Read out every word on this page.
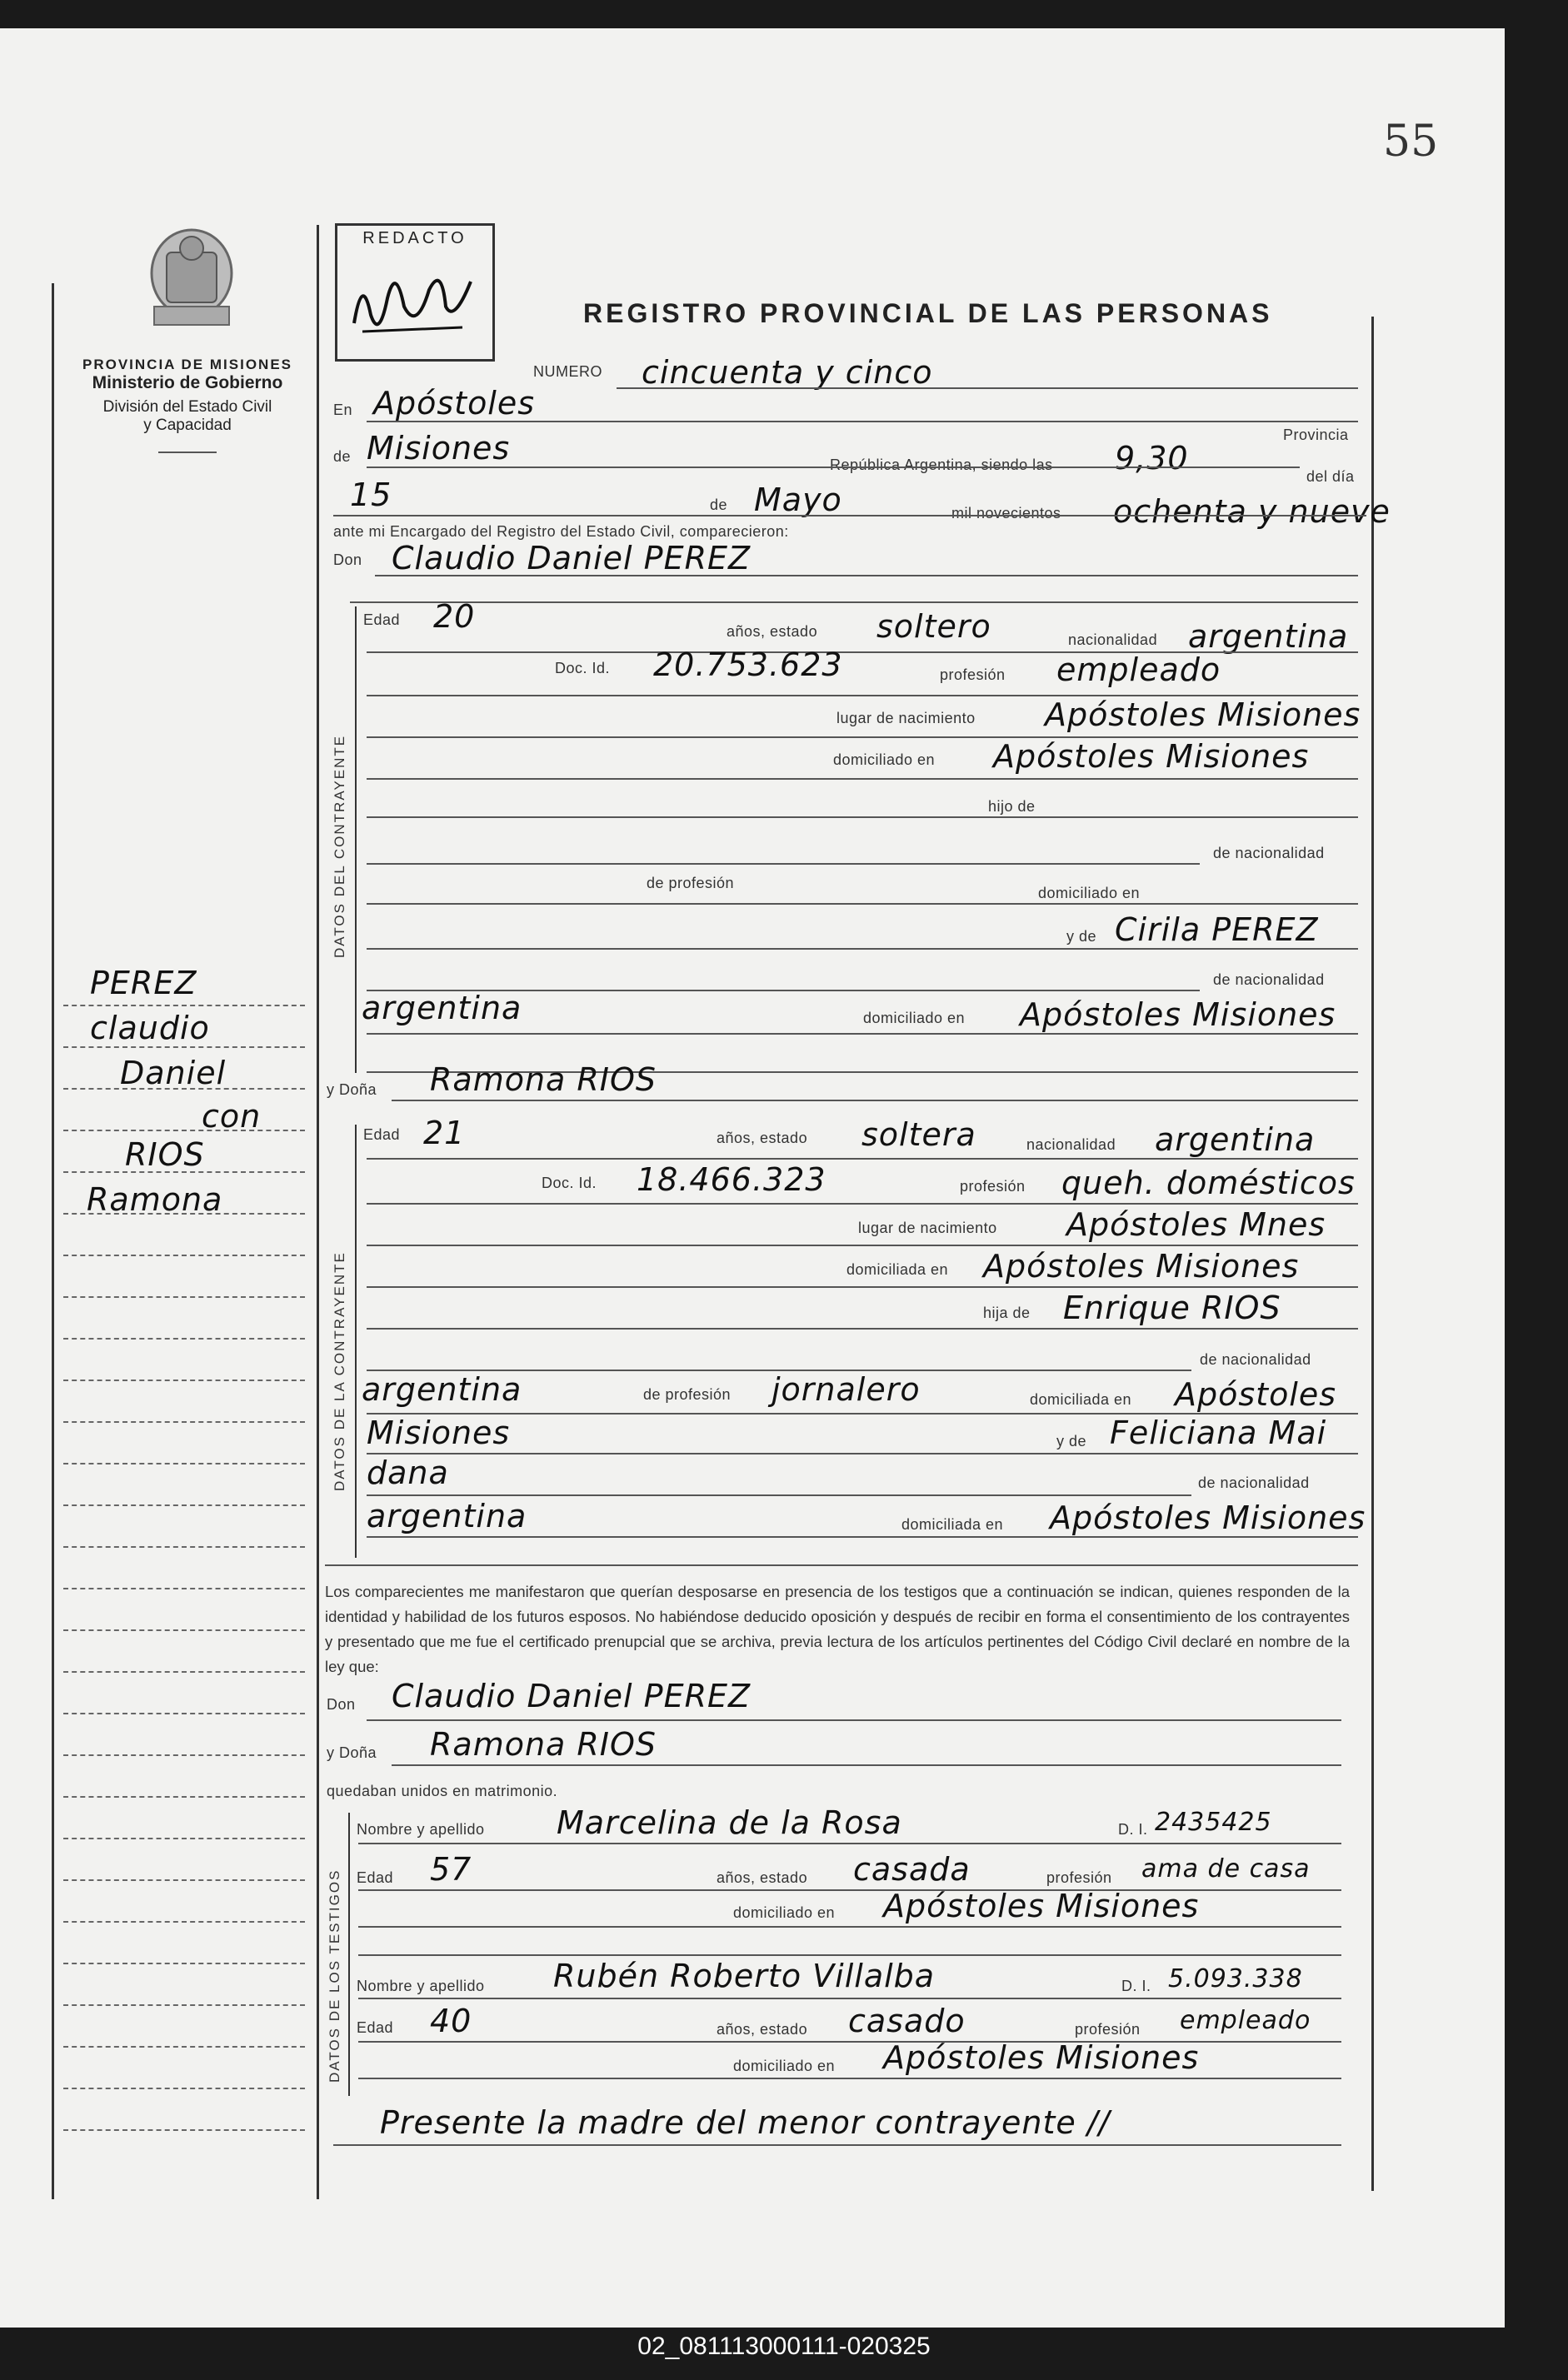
55
PROVINCIA DE MISIONES
Ministerio de Gobierno
División del Estado Civil
y Capacidad
REDACTO
REGISTRO PROVINCIAL DE LAS PERSONAS
NUMERO cincuenta y cinco
En Apóstoles
Provincia
de Misiones	República Argentina, siendo las 9,30	del día
15	de Mayo	mil novecientos ochenta y nueve
ante mi Encargado del Registro del Estado Civil, comparecieron:
Don Claudio Daniel PEREZ
DATOS DEL CONTRAYENTE
Edad 20	años, estado soltero	nacionalidad argentina
Doc. Id. 20.753.623	profesión empleado
lugar de nacimiento Apóstoles Misiones
domiciliado en Apóstoles Misiones
hijo de
de nacionalidad
de profesión
domiciliado en
y de Cirila PEREZ
de nacionalidad
argentina	domiciliado en Apóstoles Misiones
y Doña Ramona RIOS
DATOS DE LA CONTRAYENTE
Edad 21	años, estado soltera	nacionalidad argentina
Doc. Id. 18.466.323	profesión queh. domésticos
lugar de nacimiento Apóstoles Mnes
domiciliada en Apóstoles Misiones
hija de Enrique RIOS
de nacionalidad
argentina	de profesión jornalero	domiciliada en Apóstoles
Misiones	y de Feliciana Mai
dana	de nacionalidad
argentina	domiciliada en Apóstoles Misiones
Los comparecientes me manifestaron que querían desposarse en presencia de los testigos que a continuación se indican, quienes responden de la identidad y habilidad de los futuros esposos. No habiéndose deducido oposición y después de recibir en forma el consentimiento de los contrayentes y presentado que me fue el certificado prenupcial que se archiva, previa lectura de los artículos pertinentes del Código Civil declaré en nombre de la ley que:
Don Claudio Daniel PEREZ
y Doña Ramona RIOS
quedaban unidos en matrimonio.
DATOS DE LOS TESTIGOS
Nombre y apellido Marcelina de la Rosa	D. I. 2435425
Edad 57	años, estado casada	profesión ama de casa
domiciliado en Apóstoles Misiones
Nombre y apellido Rubén Roberto Villalba	D. I. 5.093.338
Edad 40	años, estado casado	profesión empleado
domiciliado en Apóstoles Misiones
Presente la madre del menor contrayente //
PEREZ
claudio
Daniel
con
RIOS
Ramona
02_081113000111-020325
